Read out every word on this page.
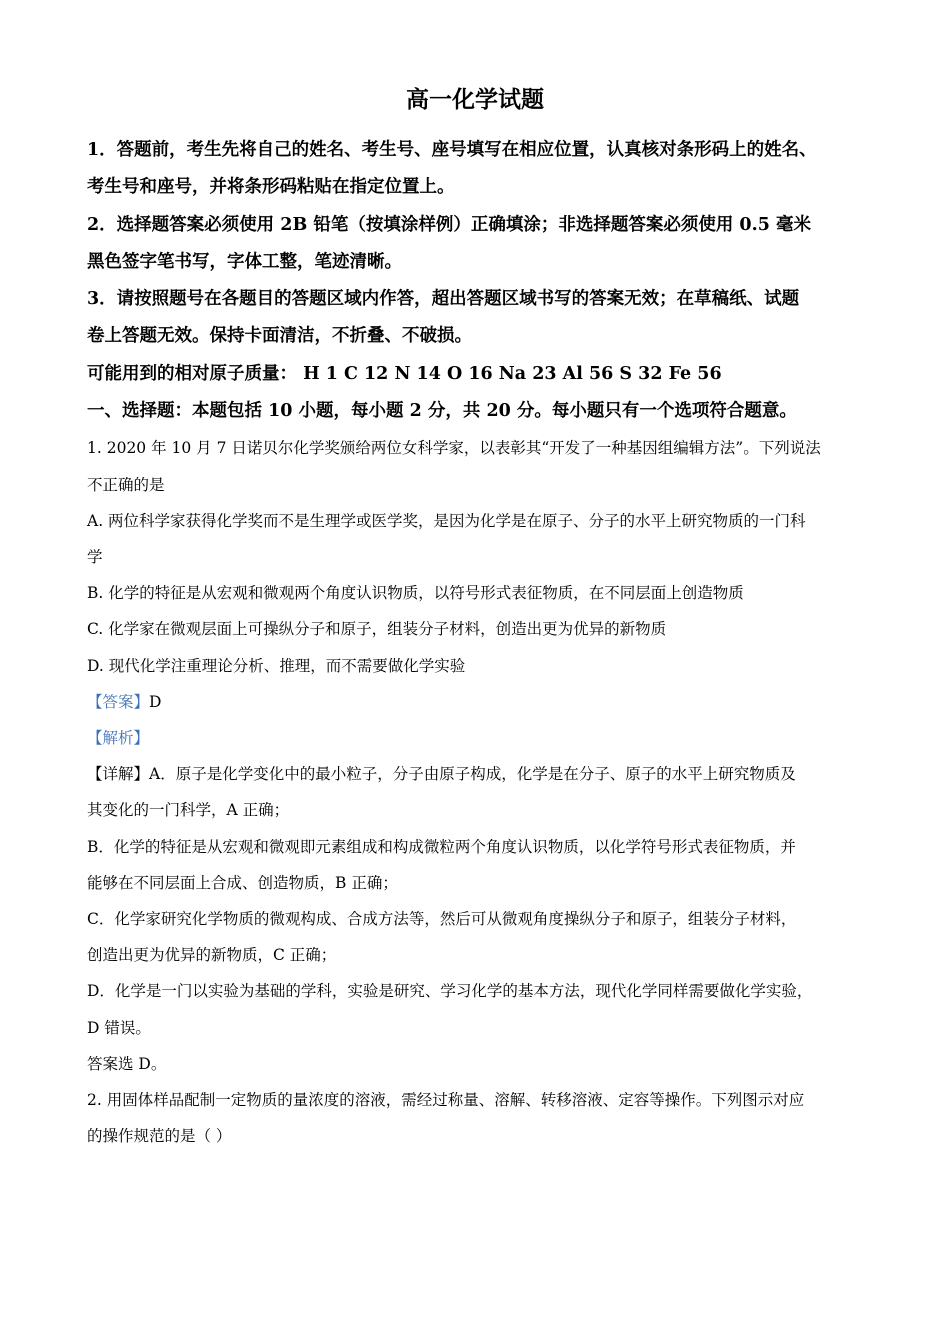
高一化学试题

1．答题前，考生先将自己的姓名、考生号、座号填写在相应位置，认真核对条形码上的姓名、

考生号和座号，并将条形码粘贴在指定位置上。

2．选择题答案必须使用 2B 铅笔（按填涂样例）正确填涂；非选择题答案必须使用 0.5 毫米

黑色签字笔书写，字体工整，笔迹清晰。

3．请按照题号在各题目的答题区域内作答，超出答题区域书写的答案无效；在草稿纸、试题

卷上答题无效。保持卡面清洁，不折叠、不破损。

可能用到的相对原子质量： H 1 C 12 N 14 O 16 Na 23 Al 56 S 32 Fe 56

一、选择题：本题包括 10 小题，每小题 2 分，共 20 分。每小题只有一个选项符合题意。

1. 2020 年 10 月 7 日诺贝尔化学奖颁给两位女科学家，以表彰其“开发了一种基因组编辑方法”。下列说法

不正确的是

A. 两位科学家获得化学奖而不是生理学或医学奖，是因为化学是在原子、分子的水平上研究物质的一门科

学

B. 化学的特征是从宏观和微观两个角度认识物质，以符号形式表征物质，在不同层面上创造物质

C. 化学家在微观层面上可操纵分子和原子，组装分子材料，创造出更为优异的新物质

D. 现代化学注重理论分析、推理，而不需要做化学实验

【答案】D

【解析】

【详解】A．原子是化学变化中的最小粒子，分子由原子构成，化学是在分子、原子的水平上研究物质及

其变化的一门科学，A 正确；

B．化学的特征是从宏观和微观即元素组成和构成微粒两个角度认识物质，以化学符号形式表征物质，并

能够在不同层面上合成、创造物质，B 正确；

C．化学家研究化学物质的微观构成、合成方法等，然后可从微观角度操纵分子和原子，组装分子材料，

创造出更为优异的新物质，C 正确；

D．化学是一门以实验为基础的学科，实验是研究、学习化学的基本方法，现代化学同样需要做化学实验，

D 错误。

答案选 D。

2. 用固体样品配制一定物质的量浓度的溶液，需经过称量、溶解、转移溶液、定容等操作。下列图示对应

的操作规范的是（ ）
